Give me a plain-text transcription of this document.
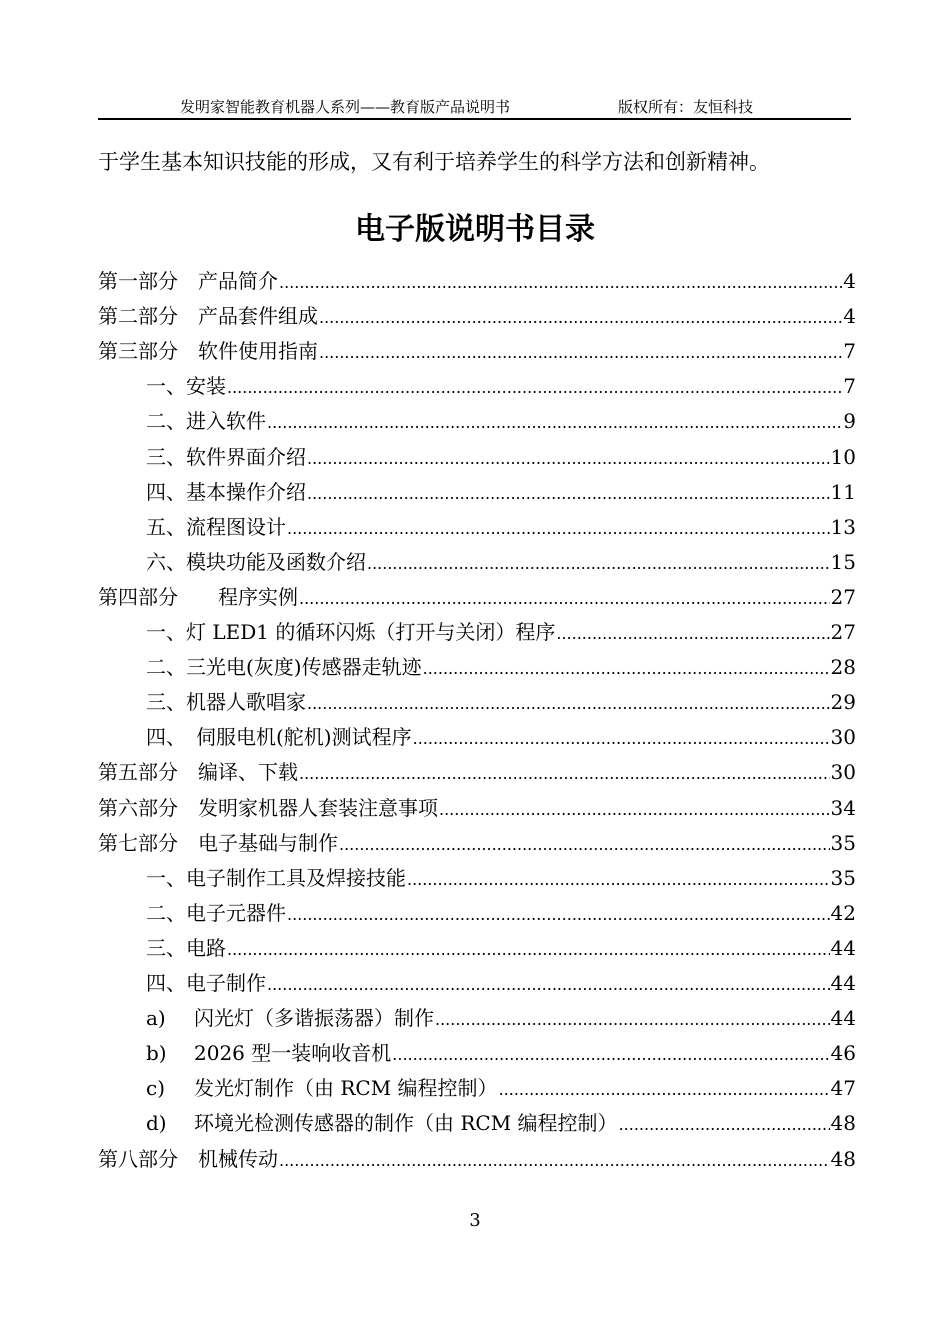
发明家智能教育机器人系列——教育版产品说明书	版权所有：友恒科技
于学生基本知识技能的形成，又有利于培养学生的科学方法和创新精神。
电子版说明书目录
第一部分　产品简介 .....	4
第二部分　产品套件组成 .....	4
第三部分　软件使用指南 .....	7
一、安装 .....	7
二、进入软件 .....	9
三、软件界面介绍 .....	10
四、基本操作介绍 .....	11
五、流程图设计 .....	13
六、模块功能及函数介绍 .....	15
第四部分　　程序实例 .....	27
一、灯 LED1 的循环闪烁（打开与关闭）程序 .....	27
二、三光电(灰度)传感器走轨迹 .....	28
三、机器人歌唱家 .....	29
四、　伺服电机(舵机)测试程序 .....	30
第五部分　编译、下载 .....	30
第六部分　发明家机器人套装注意事项 .....	34
第七部分　电子基础与制作 .....	35
一、电子制作工具及焊接技能 .....	35
二、电子元器件 .....	42
三、电路 .....	44
四、电子制作 .....	44
a) 闪光灯（多谐振荡器）制作 .....	44
b) 2026 型一装响收音机 .....	46
c) 发光灯制作（由 RCM 编程控制） .....	47
d) 环境光检测传感器的制作（由 RCM 编程控制） .....	48
第八部分　机械传动 .....	48
3
